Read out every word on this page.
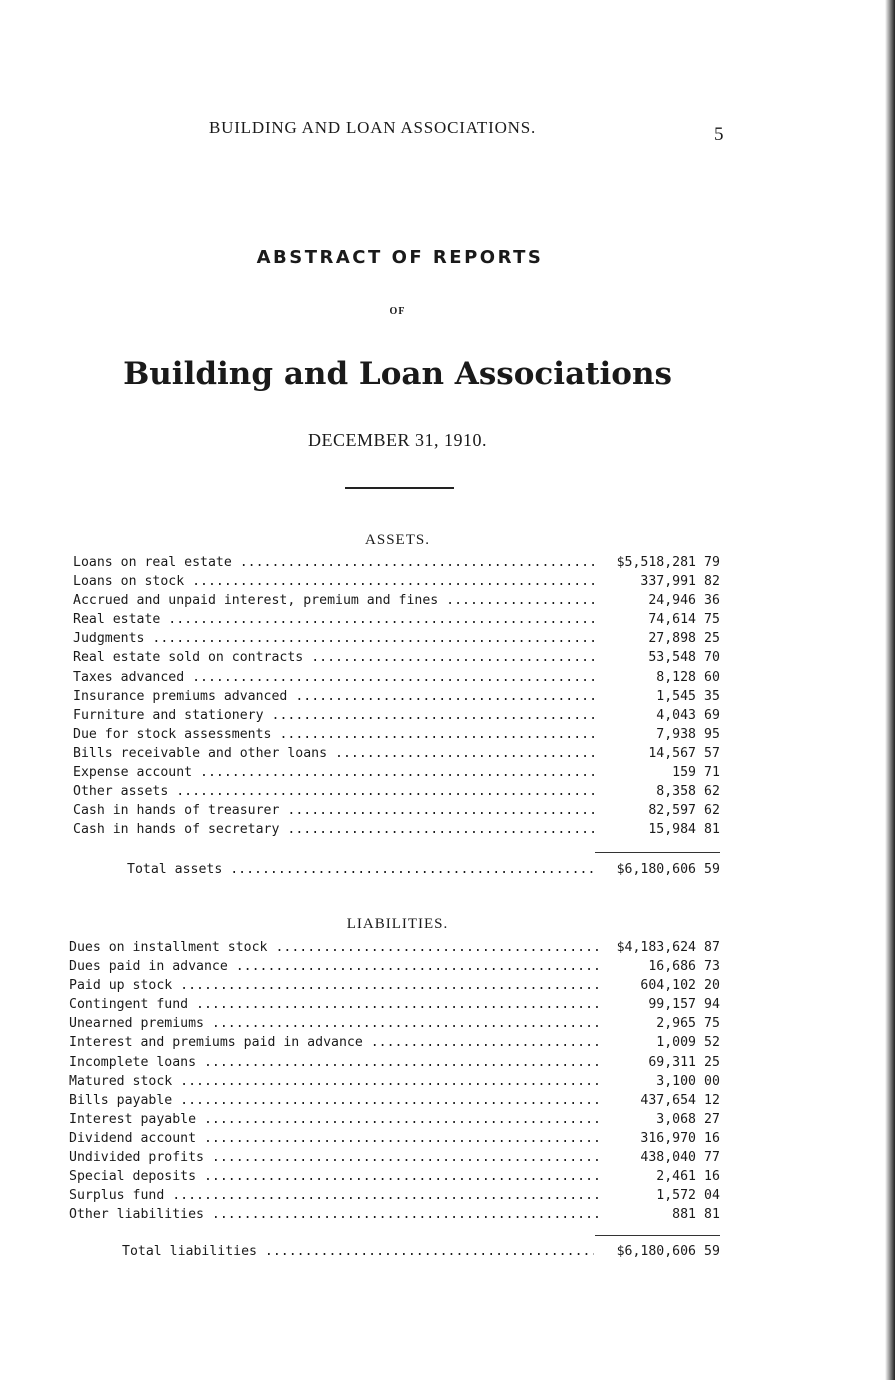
BUILDING AND LOAN ASSOCIATIONS.	5
ABSTRACT OF REPORTS
OF
Building and Loan Associations
DECEMBER 31, 1910.
ASSETS.
Loans on real estate .....	$5,518,281 79
Loans on stock .....	337,991 82
Accrued and unpaid interest, premium and fines .....	24,946 36
Real estate .....	74,614 75
Judgments .....	27,898 25
Real estate sold on contracts .....	53,548 70
Taxes advanced .....	8,128 60
Insurance premiums advanced .....	1,545 35
Furniture and stationery .....	4,043 69
Due for stock assessments .....	7,938 95
Bills receivable and other loans .....	14,567 57
Expense account .....	159 71
Other assets .....	8,358 62
Cash in hands of treasurer .....	82,597 62
Cash in hands of secretary .....	15,984 81
Total assets .....	$6,180,606 59
LIABILITIES.
Dues on installment stock .....	$4,183,624 87
Dues paid in advance .....	16,686 73
Paid up stock .....	604,102 20
Contingent fund .....	99,157 94
Unearned premiums .....	2,965 75
Interest and premiums paid in advance .....	1,009 52
Incomplete loans .....	69,311 25
Matured stock .....	3,100 00
Bills payable .....	437,654 12
Interest payable .....	3,068 27
Dividend account .....	316,970 16
Undivided profits .....	438,040 77
Special deposits .....	2,461 16
Surplus fund .....	1,572 04
Other liabilities .....	881 81
Total liabilities .....	$6,180,606 59
